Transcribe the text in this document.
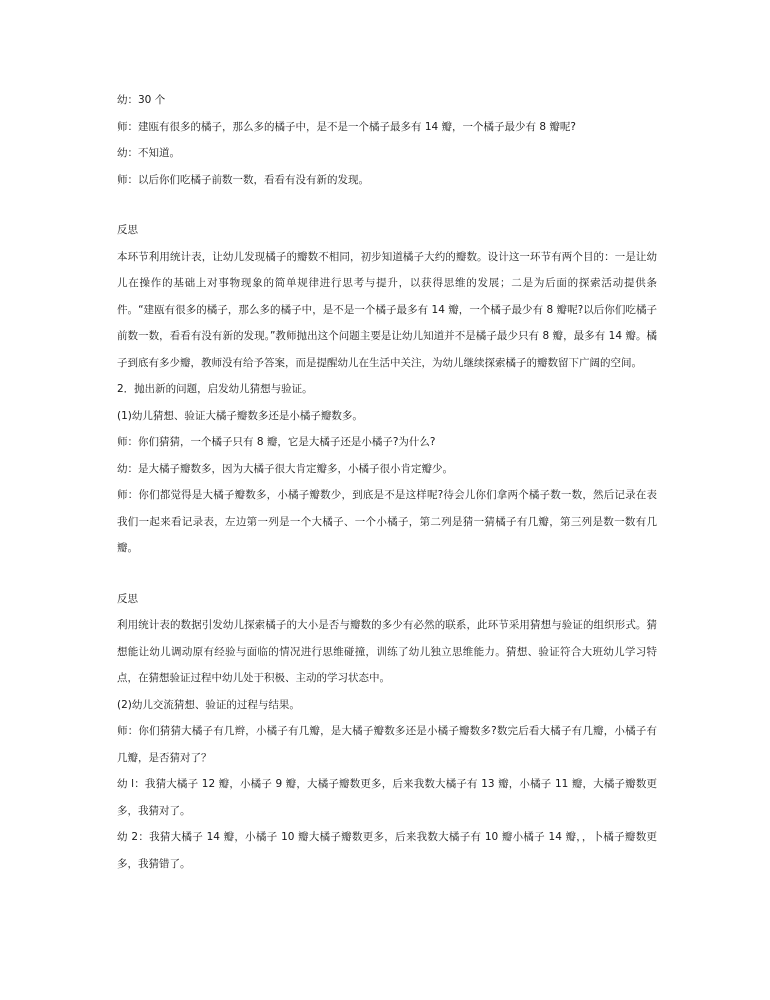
幼：30 个
师：建瓯有很多的橘子，那么多的橘子中，是不是一个橘子最多有 14 瓣，一个橘子最少有 8 瓣呢?
幼：不知道。
师：以后你们吃橘子前数一数，看看有没有新的发现。
反思
本环节利用统计表，让幼儿发现橘子的瓣数不相同，初步知道橘子大约的瓣数。设计这一环节有两个目的：一是让幼儿在操作的基础上对事物现象的简单规律进行思考与提升，以获得思维的发展；二是为后面的探索活动提供条件。“建瓯有很多的橘子，那么多的橘子中，是不是一个橘子最多有 14 瓣，一个橘子最少有 8 瓣呢?以后你们吃橘子前数一数，看看有没有新的发现。”教师抛出这个问题主要是让幼儿知道并不是橘子最少只有 8 瓣，最多有 14 瓣。橘子到底有多少瓣，教师没有给予答案，而是提醒幼儿在生活中关注，为幼儿继续探索橘子的瓣数留下广阔的空间。
2．抛出新的问题，启发幼儿猜想与验证。
(1)幼儿猜想、验证大橘子瓣数多还是小橘子瓣数多。
师：你们猜猜，一个橘子只有 8 瓣，它是大橘子还是小橘子?为什么?
幼：是大橘子瓣数多，因为大橘子很大肯定瓣多，小橘子很小肯定瓣少。
师：你们都觉得是大橘子瓣数多，小橘子瓣数少，到底是不是这样呢?待会儿你们拿两个橘子数一数，然后记录在表我们一起来看记录表，左边第一列是一个大橘子、一个小橘子，第二列是猜一猜橘子有几瓣，第三列是数一数有几瓣。
反思
利用统计表的数据引发幼儿探索橘子的大小是否与瓣数的多少有必然的联系，此环节采用猜想与验证的组织形式。猜想能让幼儿调动原有经验与面临的情况进行思维碰撞，训练了幼儿独立思维能力。猜想、验证符合大班幼儿学习特点，在猜想验证过程中幼儿处于积极、主动的学习状态中。
(2)幼儿交流猜想、验证的过程与结果。
师：你们猜猜大橘子有几辫，小橘子有几瓣，是大橘子瓣数多还是小橘子瓣数多?数完后看大橘子有几瓣，小橘子有几瓣，是否猜对了？
幼 l：我猜大橘子 12 瓣，小橘子 9 瓣，大橘子瓣数更多，后来我数大橘子有 13 瓣，小橘子 11 瓣，大橘子瓣数更多，我猜对了。
幼 2：我猜大橘子 14 瓣，小橘子 10 瓣大橘子瓣数更多，后来我数大橘子有 10 瓣小橘子 14 瓣，，卜橘子瓣数更多，我猜错了。
